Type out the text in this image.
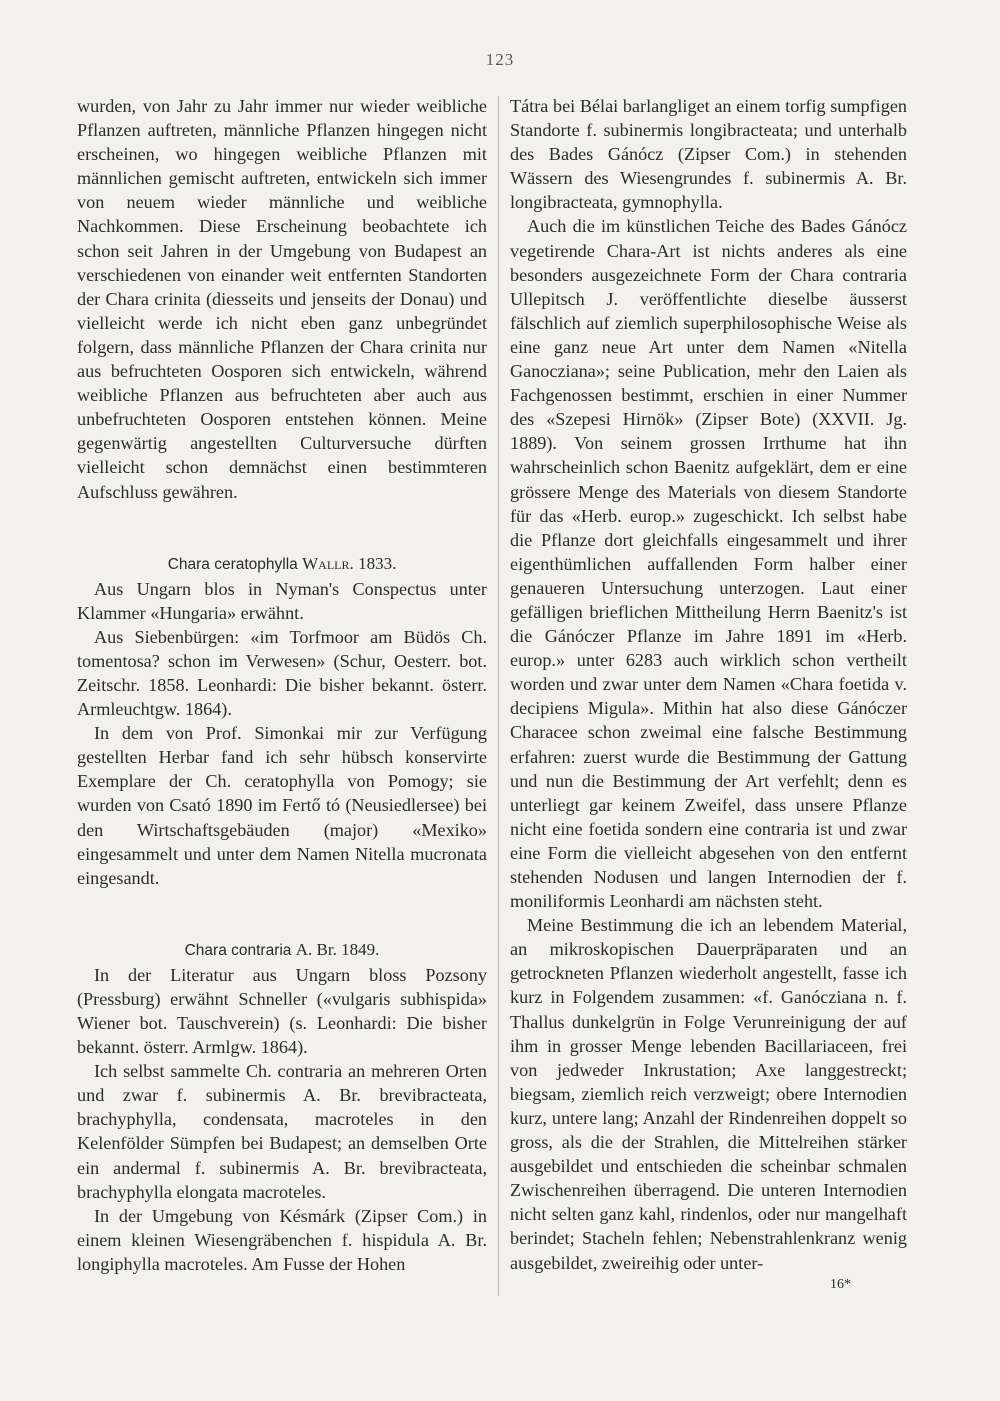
123

wurden, von Jahr zu Jahr immer nur wieder weibliche Pflanzen auftreten, männliche Pflanzen hingegen nicht erscheinen, wo hingegen weibliche Pflanzen mit männlichen gemischt auftreten, entwickeln sich immer von neuem wieder männliche und weibliche Nachkommen. Diese Erscheinung beobachtete ich schon seit Jahren in der Umgebung von Budapest an verschiedenen von einander weit entfernten Standorten der Chara crinita (diesseits und jenseits der Donau) und vielleicht werde ich nicht eben ganz unbegründet folgern, dass männliche Pflanzen der Chara crinita nur aus befruchteten Oosporen sich entwickeln, während weibliche Pflanzen aus befruchteten aber auch aus unbefruchteten Oosporen entstehen können. Meine gegenwärtig angestellten Culturversuche dürften vielleicht schon demnächst einen bestimmteren Aufschluss gewähren.

Chara ceratophylla Wallr. 1833.

Aus Ungarn blos in Nyman's Conspectus unter Klammer «Hungaria» erwähnt.

Aus Siebenbürgen: «im Torfmoor am Büdös Ch. tomentosa? schon im Verwesen» (Schur, Oesterr. bot. Zeitschr. 1858. Leonhardi: Die bisher bekannt. österr. Armleuchtgw. 1864).

In dem von Prof. Simonkai mir zur Verfügung gestellten Herbar fand ich sehr hübsch konservirte Exemplare der Ch. ceratophylla von Pomogy; sie wurden von Csató 1890 im Fertő tó (Neusiedlersee) bei den Wirtschaftsgebäuden (major) «Mexiko» eingesammelt und unter dem Namen Nitella mucronata eingesandt.

Chara contraria A. Br. 1849.

In der Literatur aus Ungarn bloss Pozsony (Pressburg) erwähnt Schneller («vulgaris subhispida» Wiener bot. Tauschverein) (s. Leonhardi: Die bisher bekannt. österr. Armlgw. 1864).

Ich selbst sammelte Ch. contraria an mehreren Orten und zwar f. subinermis A. Br. brevibracteata, brachyphylla, condensata, macroteles in den Kelenfölder Sümpfen bei Budapest; an demselben Orte ein andermal f. subinermis A. Br. brevibracteata, brachyphylla elongata macroteles.

In der Umgebung von Késmárk (Zipser Com.) in einem kleinen Wiesengräbenchen f. hispidula A. Br. longiphylla macroteles. Am Fusse der Hohen

Tátra bei Bélai barlangliget an einem torfig sumpfigen Standorte f. subinermis longibracteata; und unterhalb des Bades Gánócz (Zipser Com.) in stehenden Wässern des Wiesengrundes f. subinermis A. Br. longibracteata, gymnophylla.

Auch die im künstlichen Teiche des Bades Gánócz vegetirende Chara-Art ist nichts anderes als eine besonders ausgezeichnete Form der Chara contraria Ullepitsch J. veröffentlichte dieselbe äusserst fälschlich auf ziemlich superphilosophische Weise als eine ganz neue Art unter dem Namen «Nitella Ganocziana»; seine Publication, mehr den Laien als Fachgenossen bestimmt, erschien in einer Nummer des «Szepesi Hirnök» (Zipser Bote) (XXVII. Jg. 1889). Von seinem grossen Irrthume hat ihn wahrscheinlich schon Baenitz aufgeklärt, dem er eine grössere Menge des Materials von diesem Standorte für das «Herb. europ.» zugeschickt. Ich selbst habe die Pflanze dort gleichfalls eingesammelt und ihrer eigenthümlichen auffallenden Form halber einer genaueren Untersuchung unterzogen. Laut einer gefälligen brieflichen Mittheilung Herrn Baenitz's ist die Gánóczer Pflanze im Jahre 1891 im «Herb. europ.» unter 6283 auch wirklich schon vertheilt worden und zwar unter dem Namen «Chara foetida v. decipiens Migula». Mithin hat also diese Gánóczer Characee schon zweimal eine falsche Bestimmung erfahren: zuerst wurde die Bestimmung der Gattung und nun die Bestimmung der Art verfehlt; denn es unterliegt gar keinem Zweifel, dass unsere Pflanze nicht eine foetida sondern eine contraria ist und zwar eine Form die vielleicht abgesehen von den entfernt stehenden Nodusen und langen Internodien der f. moniliformis Leonhardi am nächsten steht.

Meine Bestimmung die ich an lebendem Material, an mikroskopischen Dauerpräparaten und an getrockneten Pflanzen wiederholt angestellt, fasse ich kurz in Folgendem zusammen: «f. Ganócziana n. f. Thallus dunkelgrün in Folge Verunreinigung der auf ihm in grosser Menge lebenden Bacillariaceen, frei von jedweder Inkrustation; Axe langgestreckt; biegsam, ziemlich reich verzweigt; obere Internodien kurz, untere lang; Anzahl der Rindenreihen doppelt so gross, als die der Strahlen, die Mittelreihen stärker ausgebildet und entschieden die scheinbar schmalen Zwischenreihen überragend. Die unteren Internodien nicht selten ganz kahl, rindenlos, oder nur mangelhaft berindet; Stacheln fehlen; Nebenstrahlenkranz wenig ausgebildet, zweireihig oder unter-

16*
